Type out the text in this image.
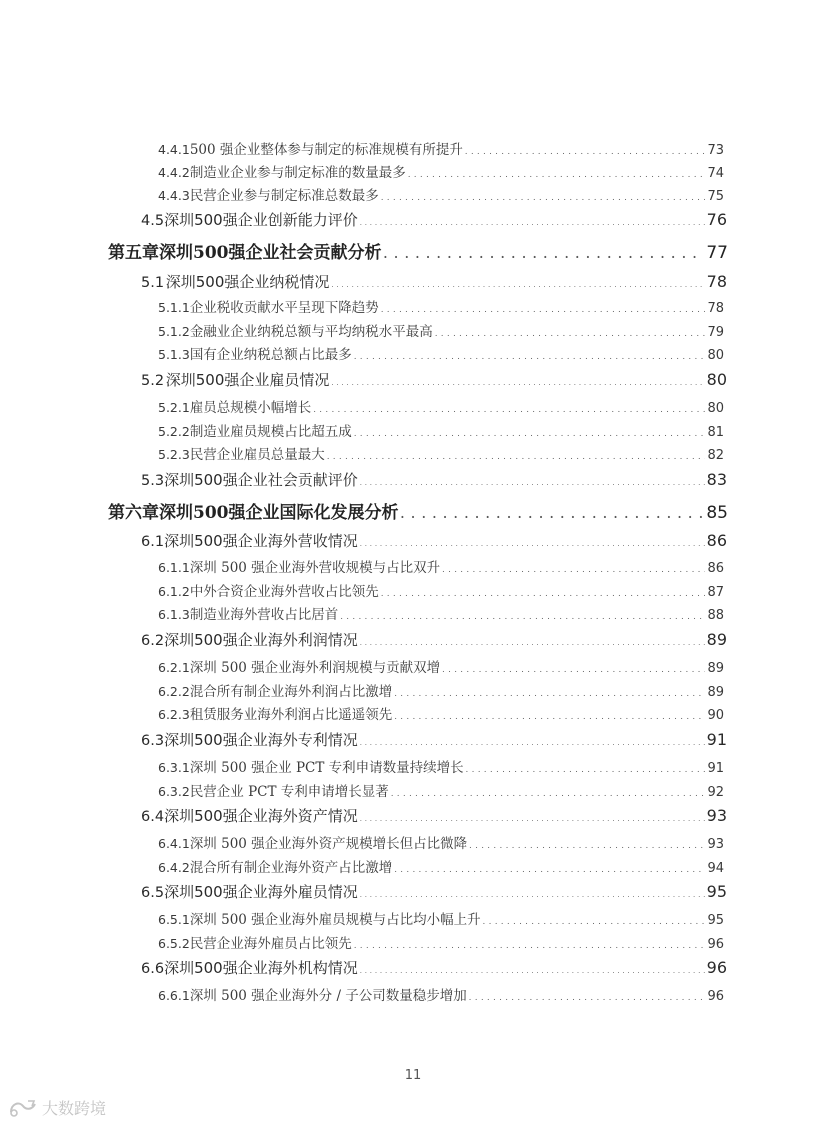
4.4.1 500 强企业整体参与制定的标准规模有所提升 . . .	73
4.4.2 制造业企业参与制定标准的数量最多 . . .	74
4.4.3 民营企业参与制定标准总数最多 . . .	75
4.5 深圳500强企业创新能力评价 . . .	76
第五章 深圳500强企业社会贡献分析 . . .	77
5.1 深圳500强企业纳税情况 . . .	78
5.1.1 企业税收贡献水平呈现下降趋势 . . .	78
5.1.2 金融业企业纳税总额与平均纳税水平最高 . . .	79
5.1.3 国有企业纳税总额占比最多 . . .	80
5.2 深圳500强企业雇员情况 . . .	80
5.2.1 雇员总规模小幅增长 . . .	80
5.2.2 制造业雇员规模占比超五成 . . .	81
5.2.3 民营企业雇员总量最大 . . .	82
5.3 深圳500强企业社会贡献评价 . . .	83
第六章 深圳500强企业国际化发展分析 . . .	85
6.1 深圳500强企业海外营收情况 . . .	86
6.1.1 深圳 500 强企业海外营收规模与占比双升 . . .	86
6.1.2 中外合资企业海外营收占比领先 . . .	87
6.1.3 制造业海外营收占比居首 . . .	88
6.2 深圳500强企业海外利润情况 . . .	89
6.2.1 深圳 500 强企业海外利润规模与贡献双增 . . .	89
6.2.2 混合所有制企业海外利润占比激增 . . .	89
6.2.3 租赁服务业海外利润占比遥遥领先 . . .	90
6.3 深圳500强企业海外专利情况 . . .	91
6.3.1 深圳 500 强企业 PCT 专利申请数量持续增长 . . .	91
6.3.2 民营企业 PCT 专利申请增长显著 . . .	92
6.4 深圳500强企业海外资产情况 . . .	93
6.4.1 深圳 500 强企业海外资产规模增长但占比微降 . . .	93
6.4.2 混合所有制企业海外资产占比激增 . . .	94
6.5 深圳500强企业海外雇员情况 . . .	95
6.5.1 深圳 500 强企业海外雇员规模与占比均小幅上升 . . .	95
6.5.2 民营企业海外雇员占比领先 . . .	96
6.6 深圳500强企业海外机构情况 . . .	96
6.6.1 深圳 500 强企业海外分 / 子公司数量稳步增加 . . .	96
11
大数跨境
